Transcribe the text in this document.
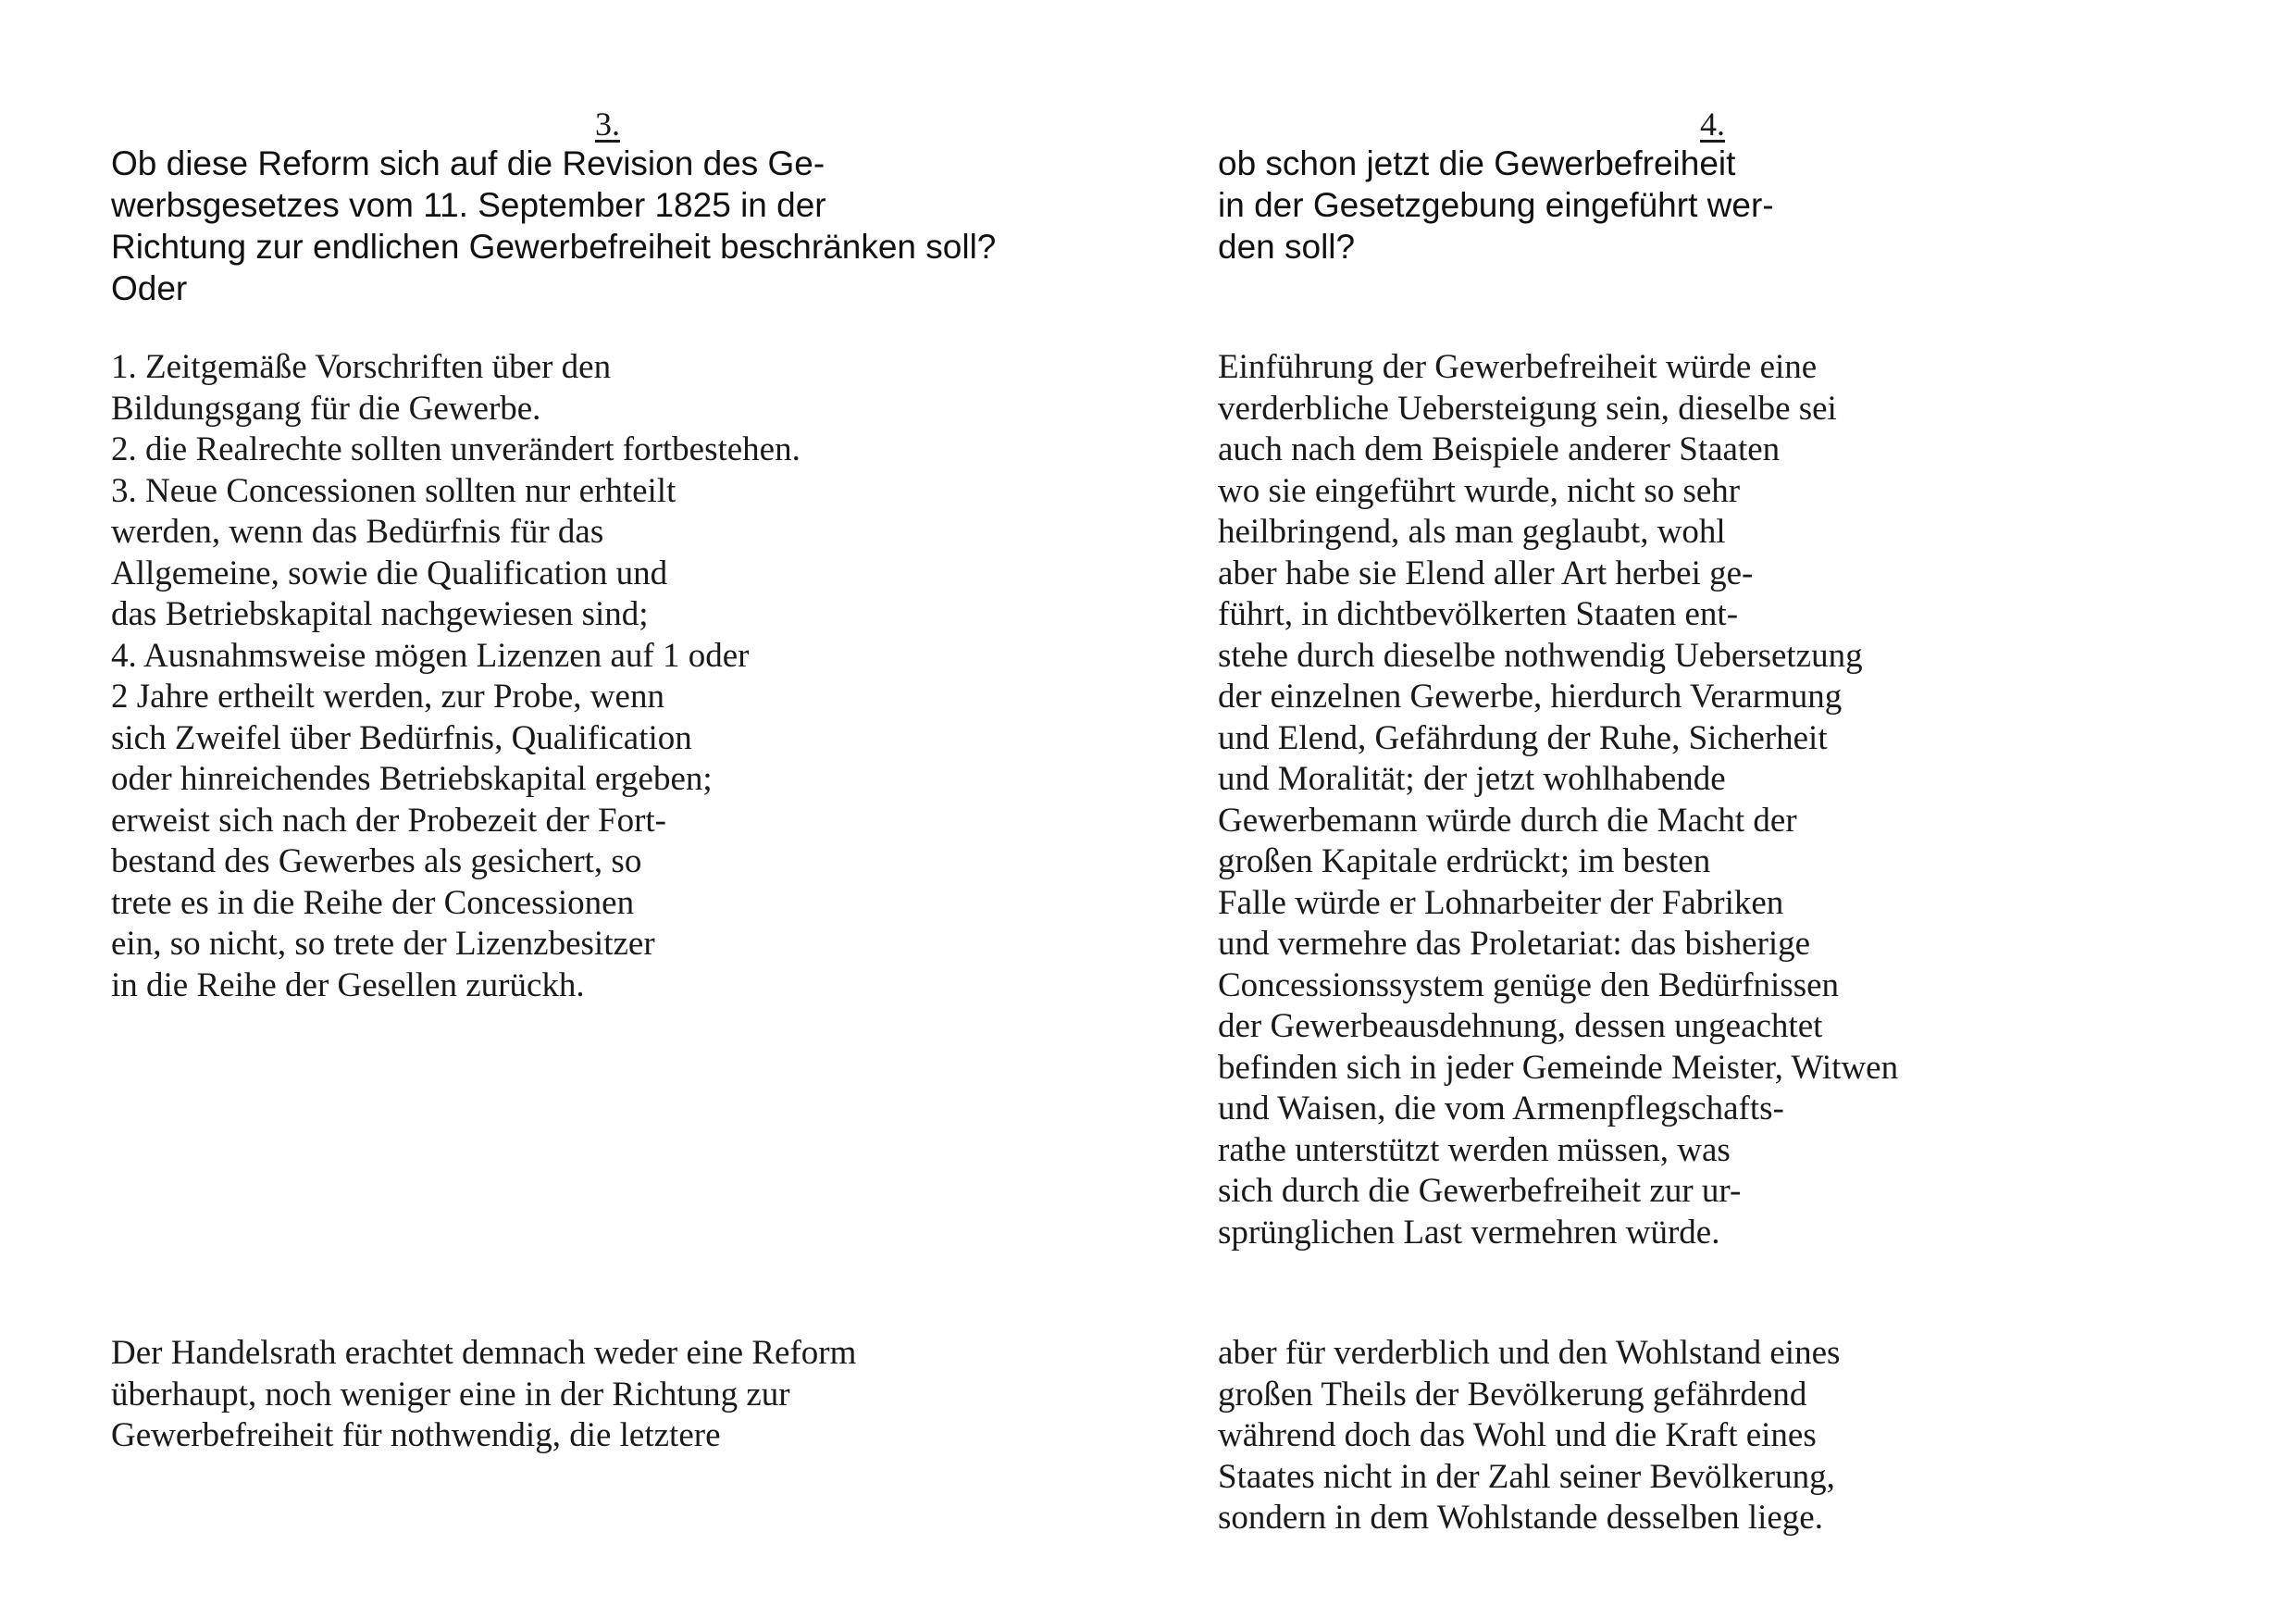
3.
Ob diese Reform sich auf die Revision des Ge-
werbsgesetzes vom 11. September 1825 in der
Richtung zur endlichen Gewerbefreiheit beschränken soll?
Oder
1. Zeitgemäße Vorschriften über den
Bildungsgang für die Gewerbe.
2. die Realrechte sollten unverändert fortbestehen.
3. Neue Concessionen sollten nur erhteilt
werden, wenn das Bedürfnis für das
Allgemeine, sowie die Qualification und
das Betriebskapital nachgewiesen sind;
4. Ausnahmsweise mögen Lizenzen auf 1 oder
2 Jahre ertheilt werden, zur Probe, wenn
sich Zweifel über Bedürfnis, Qualification
oder hinreichendes Betriebskapital ergeben;
erweist sich nach der Probezeit der Fort-
bestand des Gewerbes als gesichert, so
trete es in die Reihe der Concessionen
ein, so nicht, so trete der Lizenzbesitzer
in die Reihe der Gesellen zurückh.
Der Handelsrath erachtet demnach weder eine Reform
überhaupt, noch weniger eine in der Richtung zur
Gewerbefreiheit für nothwendig, die letztere
4.
ob schon jetzt die Gewerbefreiheit
in der Gesetzgebung eingeführt wer-
den soll?
Einführung der Gewerbefreiheit würde eine
verderbliche Uebersteigung sein, dieselbe sei
auch nach dem Beispiele anderer Staaten
wo sie eingeführt wurde, nicht so sehr
heilbringend, als man geglaubt, wohl
aber habe sie Elend aller Art herbei ge-
führt, in dichtbevölkerten Staaten ent-
stehe durch dieselbe nothwendig Uebersetzung
der einzelnen Gewerbe, hierdurch Verarmung
und Elend, Gefährdung der Ruhe, Sicherheit
und Moralität; der jetzt wohlhabende
Gewerbemann würde durch die Macht der
großen Kapitale erdrückt; im besten
Falle würde er Lohnarbeiter der Fabriken
und vermehre das Proletariat: das bisherige
Concessionssystem genüge den Bedürfnissen
der Gewerbeausdehnung, dessen ungeachtet
befinden sich in jeder Gemeinde Meister, Witwen
und Waisen, die vom Armenpflegschafts-
rathe unterstützt werden müssen, was
sich durch die Gewerbefreiheit zur ur-
sprünglichen Last vermehren würde.
aber für verderblich und den Wohlstand eines
großen Theils der Bevölkerung gefährdend
während doch das Wohl und die Kraft eines
Staates nicht in der Zahl seiner Bevölkerung,
sondern in dem Wohlstande desselben liege.
